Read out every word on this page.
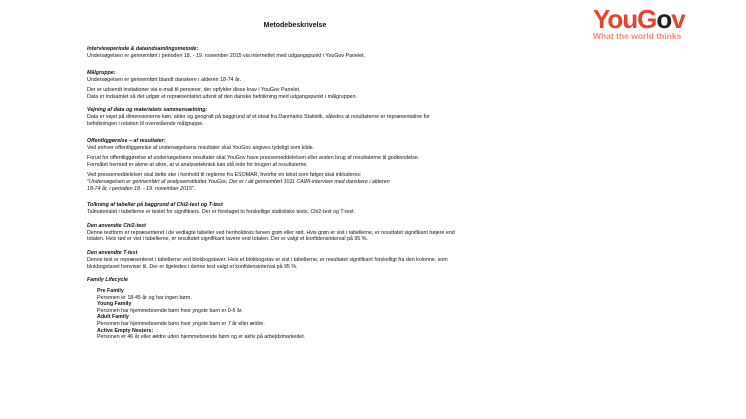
YouGov
What the world thinks
Metodebeskrivelse

Interviewperiode & dataindsamlingsmetode:

Undersøgelsen er gennemført i perioden 18. - 19. november 2015 via internettet med udgangspunkt i YouGov Panelet.

Målgruppe:

Undersøgelsen er gennemført blandt danskere i alderen 18-74 år.

Der er udsendt invitationer via e-mail til personer, der opfylder disse krav i YouGov Panelet.

Data er indsamlet så det udgør et repræsentativt udsnit af den danske befolkning med udgangspunkt i målgruppen.

Vejning af data og materialets sammensætning:

Data er vejet på dimensionerne køn, alder og geografi på baggrund af et ideal fra Danmarks Statistik, således at resultaterne er repræsentative for befolkningen i relation til ovenstående målgruppe.

Offentliggørelse – af resultater:

Ved enhver offentliggørelse af undersøgelsens resultater skal YouGov angives tydeligt som kilde.

Forud for offentliggørelse af undersøgelsens resultater skal YouGov have pressemeddelelsen eller anden brug af resultaterne til godkendelse.

Formålet hermed er alene at sikre, at vi analyseteknisk kan stå inde for brugen af resultaterne.

Ved pressemeddelelser skal dette ske i henhold til reglerne fra ESOMAR, hvorfor en tekst som følger skal inkluderes:

"Undersøgelsen er gennemført af analyseinstituttet YouGov. Der er i alt gennemført 1011 CAWI-interview med danskere i alderen

18-74 år, i perioden 18. - 19. november 2015".

Tolkning af tabeller på baggrund af Chi2-test og T-test

Talmaterialet i tabellerne er testet for signifikans. Der er foretaget to forskellige statistiske tests, Chi2-test og T-test.

Den anvendte Chi2-test

Denne testform er repræsenteret i de vedlagte tabeller ved henholdsvis farven grøn eller rød. Hvis grøn er vist i tabellerne, er resultatet signifikant højere end totalen. Hvis rød er vist i tabellerne, er resultatet signifikant lavere end totalen. Der er valgt et konfidensinterval på 95 %.

Den anvendte T-test

Denne test er repræsenteret i tabellerne ved blokbogstaver. Hvis et blokbogstav er vist i tabellerne, er resultatet signifikant forskelligt fra den kolonne, som blokbogstavet henviser til. Der er ligeledes i denne test valgt et konfidensinterval på 95 %.

Family Lifecycle

Pre Family

Personen er 18-45 år og har ingen børn.

Young Family

Personen har hjemmeboende børn hvor yngste barn er 0-6 år.

Adult Family

Personen har hjemmeboende børn hvor yngste barn er 7 år eller ældre.

Active Empty Nesters:

Personen er 46 år eller ældre uden hjemmeboende børn og er aktiv på arbejdsmarkedet.
